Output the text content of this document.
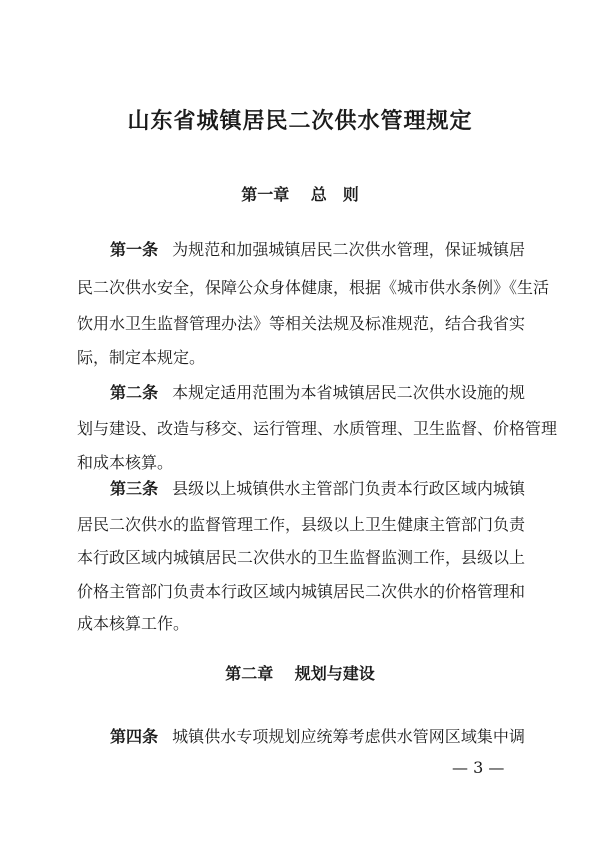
山东省城镇居民二次供水管理规定
第一章　 总　则
第一条 为规范和加强城镇居民二次供水管理，保证城镇居
民二次供水安全，保障公众身体健康，根据《城市供水条例》《生活
饮用水卫生监督管理办法》等相关法规及标准规范，结合我省实
际，制定本规定。
第二条 本规定适用范围为本省城镇居民二次供水设施的规
划与建设、改造与移交、运行管理、水质管理、卫生监督、价格管理
和成本核算。
第三条 县级以上城镇供水主管部门负责本行政区域内城镇
居民二次供水的监督管理工作，县级以上卫生健康主管部门负责
本行政区域内城镇居民二次供水的卫生监督监测工作，县级以上
价格主管部门负责本行政区域内城镇居民二次供水的价格管理和
成本核算工作。
第二章　 规划与建设
第四条 城镇供水专项规划应统筹考虑供水管网区域集中调
— 3 —
